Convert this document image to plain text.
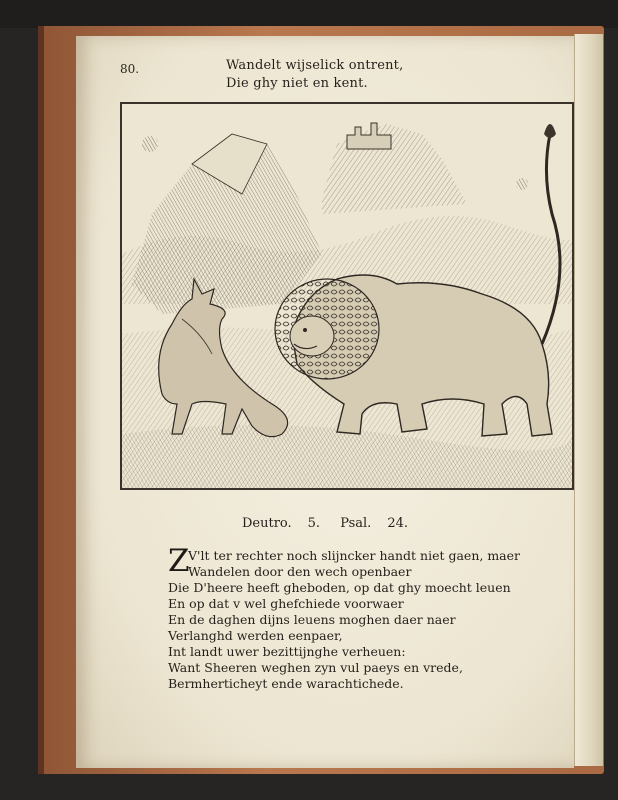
80.	Wandelt wijselick ontrent,
Die ghy niet en kent.
Deutro. 5. Psal. 24.
Z
V'lt ter rechter noch slijncker handt niet gaen, maer
Wandelen door den wech openbaer
Die D'heere heeft gheboden, op dat ghy moecht leuen
En op dat v wel ghefchiede voorwaer
En de daghen dijns leuens moghen daer naer
Verlanghd werden eenpaer,
Int landt uwer bezittijnghe verheuen:
Want Sheeren weghen zyn vul paeys en vrede,
Bermherticheyt ende warachtichede.
